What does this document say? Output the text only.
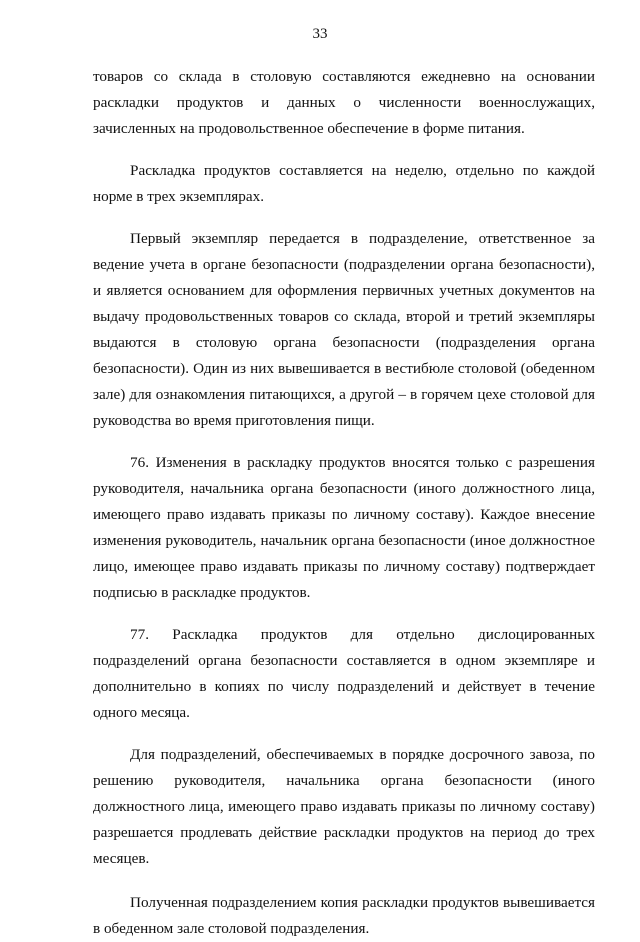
33

товаров со склада в столовую составляются ежедневно на основании раскладки продуктов и данных о численности военнослужащих, зачисленных на продовольственное обеспечение в форме питания.

Раскладка продуктов составляется на неделю, отдельно по каждой норме в трех экземплярах.

Первый экземпляр передается в подразделение, ответственное за ведение учета в органе безопасности (подразделении органа безопасности), и является основанием для оформления первичных учетных документов на выдачу продовольственных товаров со склада, второй и третий экземпляры выдаются в столовую органа безопасности (подразделения органа безопасности). Один из них вывешивается в вестибюле столовой (обеденном зале) для ознакомления питающихся, а другой – в горячем цехе столовой для руководства во время приготовления пищи.

76. Изменения в раскладку продуктов вносятся только с разрешения руководителя, начальника органа безопасности (иного должностного лица, имеющего право издавать приказы по личному составу). Каждое внесение изменения руководитель, начальник органа безопасности (иное должностное лицо, имеющее право издавать приказы по личному составу) подтверждает подписью в раскладке продуктов.

77. Раскладка продуктов для отдельно дислоцированных подразделений органа безопасности составляется в одном экземпляре и дополнительно в копиях по числу подразделений и действует в течение одного месяца.

Для подразделений, обеспечиваемых в порядке досрочного завоза, по решению руководителя, начальника органа безопасности (иного должностного лица, имеющего право издавать приказы по личному составу) разрешается продлевать действие раскладки продуктов на период до трех месяцев.

Полученная подразделением копия раскладки продуктов вывешивается в обеденном зале столовой подразделения.
